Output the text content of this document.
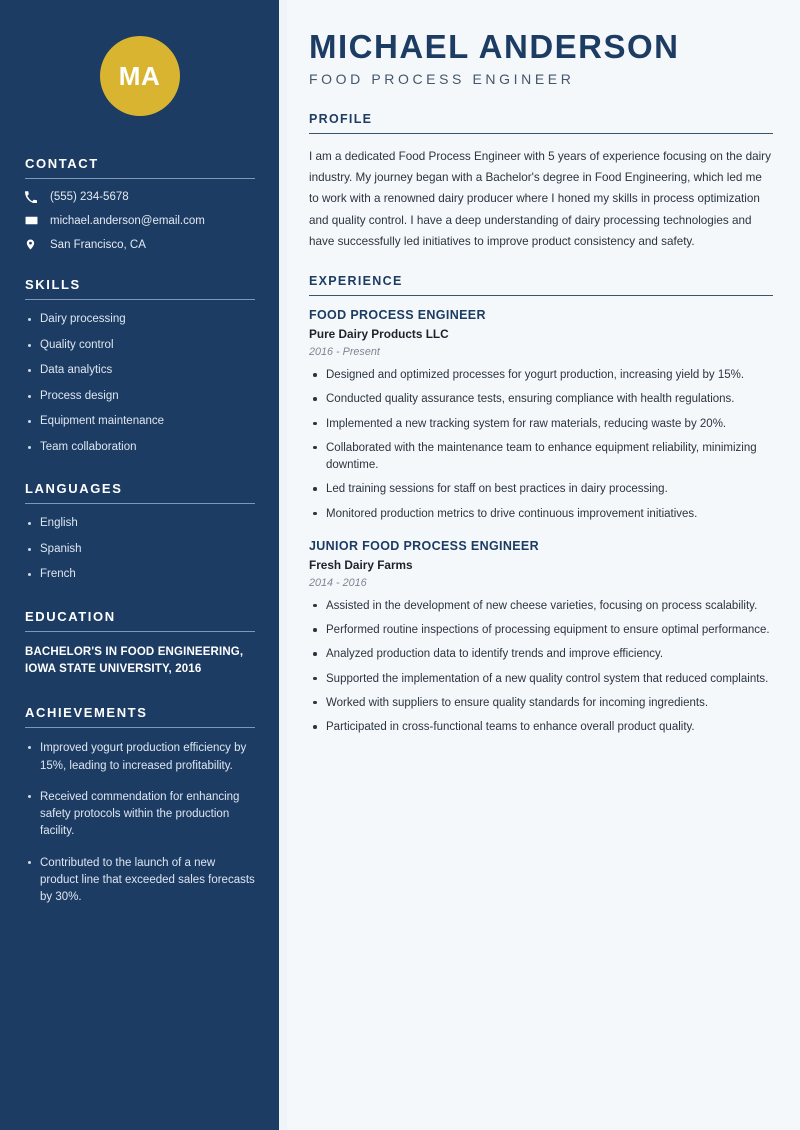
MA
CONTACT
(555) 234-5678
michael.anderson@email.com
San Francisco, CA
SKILLS
Dairy processing
Quality control
Data analytics
Process design
Equipment maintenance
Team collaboration
LANGUAGES
English
Spanish
French
EDUCATION
BACHELOR'S IN FOOD ENGINEERING,
IOWA STATE UNIVERSITY, 2016
ACHIEVEMENTS
Improved yogurt production efficiency by 15%, leading to increased profitability.
Received commendation for enhancing safety protocols within the production facility.
Contributed to the launch of a new product line that exceeded sales forecasts by 30%.
MICHAEL ANDERSON
FOOD PROCESS ENGINEER
PROFILE

I am a dedicated Food Process Engineer with 5 years of experience focusing on the dairy industry. My journey began with a Bachelor's degree in Food Engineering, which led me to work with a renowned dairy producer where I honed my skills in process optimization and quality control. I have a deep understanding of dairy processing technologies and have successfully led initiatives to improve product consistency and safety.

EXPERIENCE
FOOD PROCESS ENGINEER
Pure Dairy Products LLC
2016 - Present
Designed and optimized processes for yogurt production, increasing yield by 15%.
Conducted quality assurance tests, ensuring compliance with health regulations.
Implemented a new tracking system for raw materials, reducing waste by 20%.
Collaborated with the maintenance team to enhance equipment reliability, minimizing downtime.
Led training sessions for staff on best practices in dairy processing.
Monitored production metrics to drive continuous improvement initiatives.
JUNIOR FOOD PROCESS ENGINEER
Fresh Dairy Farms
2014 - 2016
Assisted in the development of new cheese varieties, focusing on process scalability.
Performed routine inspections of processing equipment to ensure optimal performance.
Analyzed production data to identify trends and improve efficiency.
Supported the implementation of a new quality control system that reduced complaints.
Worked with suppliers to ensure quality standards for incoming ingredients.
Participated in cross-functional teams to enhance overall product quality.
